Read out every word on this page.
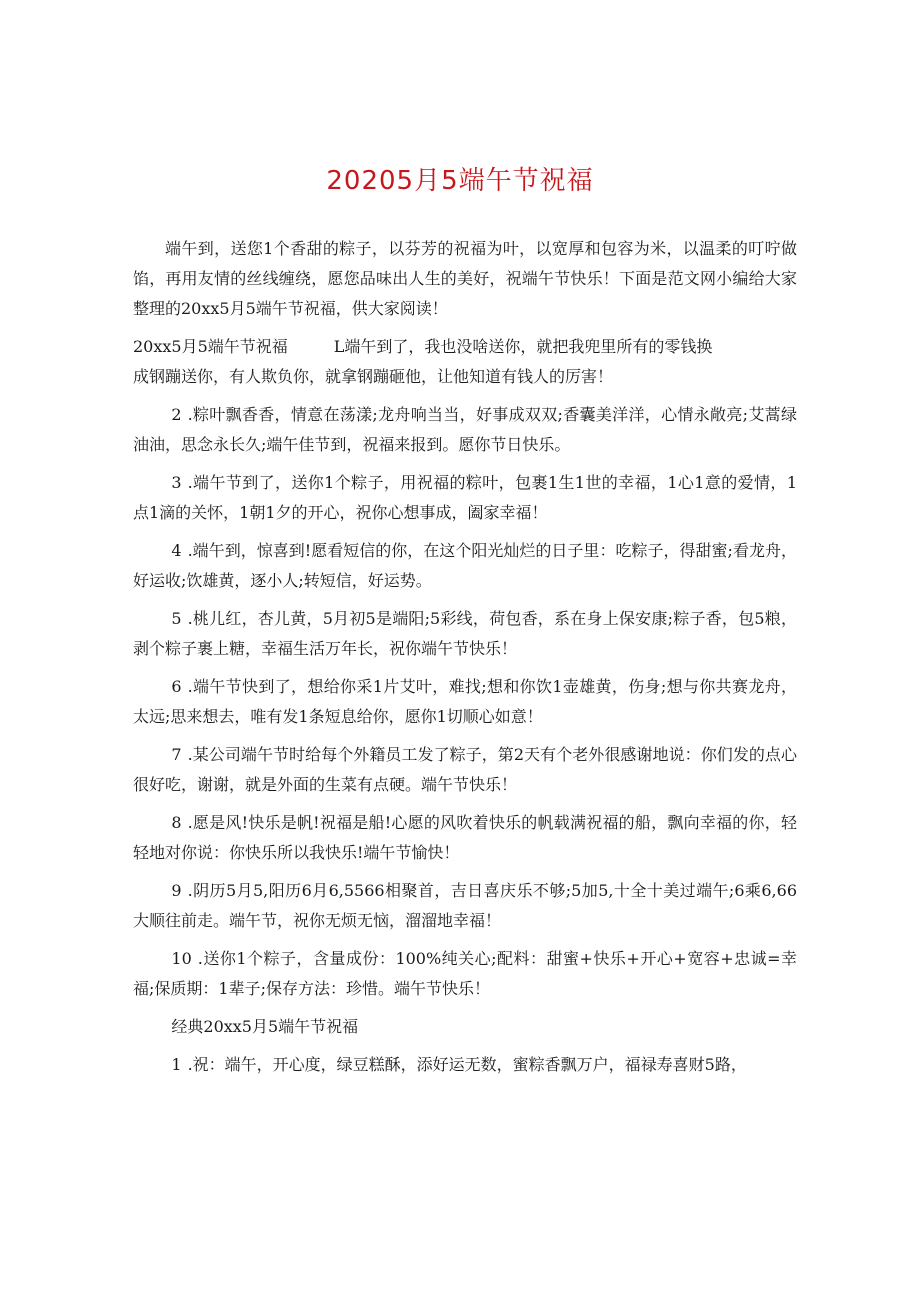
20205月5端午节祝福

端午到，送您1个香甜的粽子，以芬芳的祝福为叶，以宽厚和包容为米，以温柔的叮咛做馅，再用友情的丝线缠绕，愿您品味出人生的美好，祝端午节快乐！下面是范文网小编给大家整理的20xx5月5端午节祝福，供大家阅读！

20xx5月5端午节祝福	L端午到了，我也没啥送你，就把我兜里所有的零钱换

成钢蹦送你，有人欺负你，就拿钢蹦砸他，让他知道有钱人的厉害！

2 .粽叶飘香香，情意在荡漾;龙舟响当当，好事成双双;香囊美洋洋，心情永敞亮;艾蒿绿油油，思念永长久;端午佳节到，祝福来报到。愿你节日快乐。

3 .端午节到了，送你1个粽子，用祝福的粽叶，包裹1生1世的幸福，1心1意的爱情，1点1滴的关怀，1朝1夕的开心，祝你心想事成，阖家幸福！

4 .端午到，惊喜到!愿看短信的你，在这个阳光灿烂的日子里：吃粽子，得甜蜜;看龙舟，好运收;饮雄黄，逐小人;转短信，好运势。

5 .桃儿红，杏儿黄，5月初5是端阳;5彩线，荷包香，系在身上保安康;粽子香，包5粮，剥个粽子裹上糖，幸福生活万年长，祝你端午节快乐！

6 .端午节快到了，想给你采1片艾叶，难找;想和你饮1壶雄黄，伤身;想与你共赛龙舟，太远;思来想去，唯有发1条短息给你，愿你1切顺心如意！

7 .某公司端午节时给每个外籍员工发了粽子，第2天有个老外很感谢地说：你们发的点心很好吃，谢谢，就是外面的生菜有点硬。端午节快乐！

8 .愿是风!快乐是帆!祝福是船!心愿的风吹着快乐的帆载满祝福的船，飘向幸福的你，轻轻地对你说：你快乐所以我快乐!端午节愉快！

9 .阴历5月5,阳历6月6,5566相聚首，吉日喜庆乐不够;5加5,十全十美过端午;6乘6,66大顺往前走。端午节，祝你无烦无恼，溜溜地幸福！

10 .送你1个粽子，含量成份：100%纯关心;配料：甜蜜+快乐+开心+宽容+忠诚=幸福;保质期：1辈子;保存方法：珍惜。端午节快乐！

经典20xx5月5端午节祝福

1 .祝：端午，开心度，绿豆糕酥，添好运无数，蜜粽香飘万户，福禄寿喜财5路，
